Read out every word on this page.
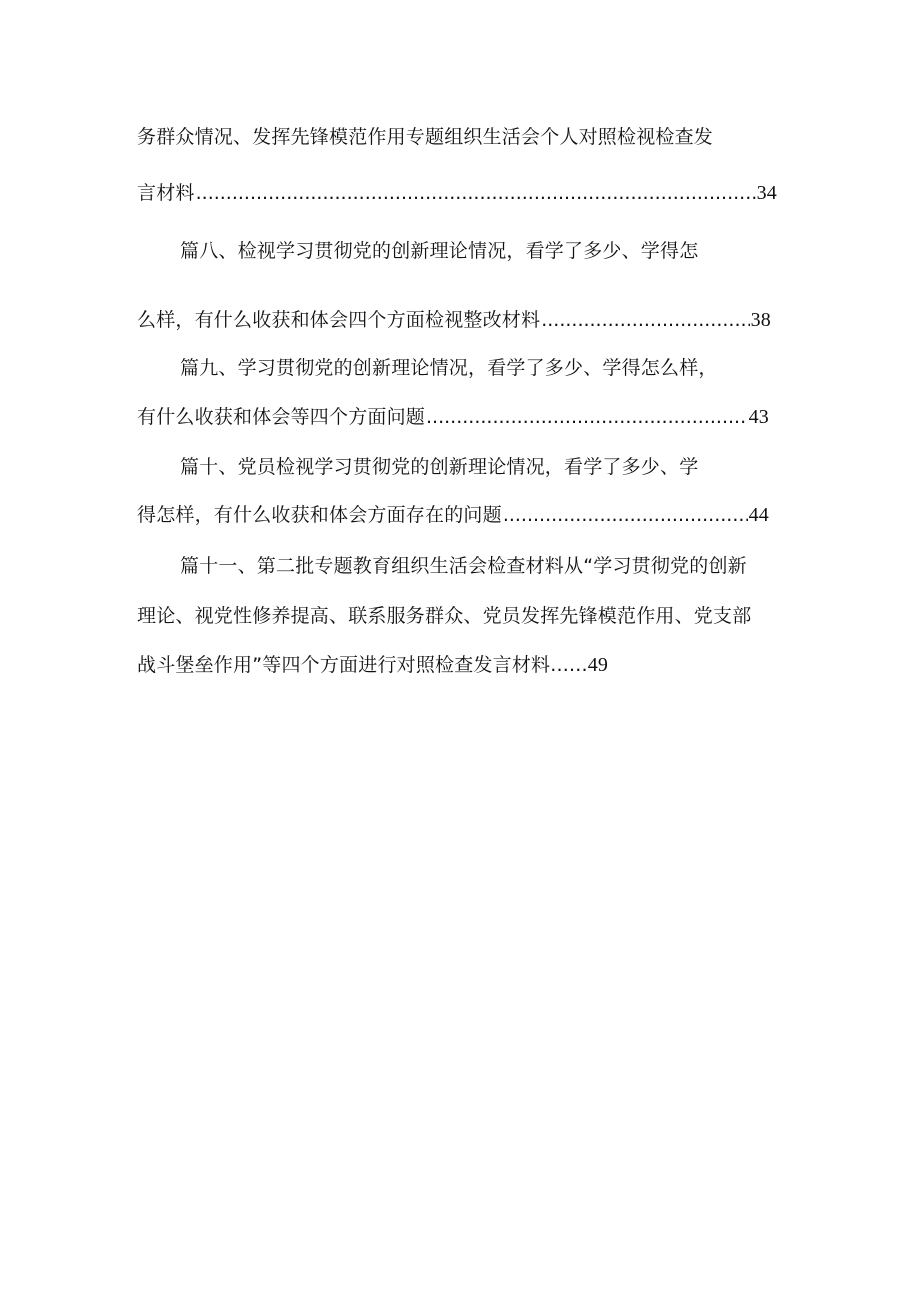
务群众情况、发挥先锋模范作用专题组织生活会个人对照检视检查发
言材料 .....	34
篇八、检视学习贯彻党的创新理论情况，看学了多少、学得怎
么样，有什么收获和体会四个方面检视整改材料 .....	38
篇九、学习贯彻党的创新理论情况，看学了多少、学得怎么样，
有什么收获和体会等四个方面问题 .....	43
篇十、党员检视学习贯彻党的创新理论情况，看学了多少、学
得怎样，有什么收获和体会方面存在的问题 .....	44
篇十一、第二批专题教育组织生活会检查材料从“学习贯彻党的创新
理论、视党性修养提高、联系服务群众、党员发挥先锋模范作用、党支部
战斗堡垒作用”等四个方面进行对照检查发言材料......49
